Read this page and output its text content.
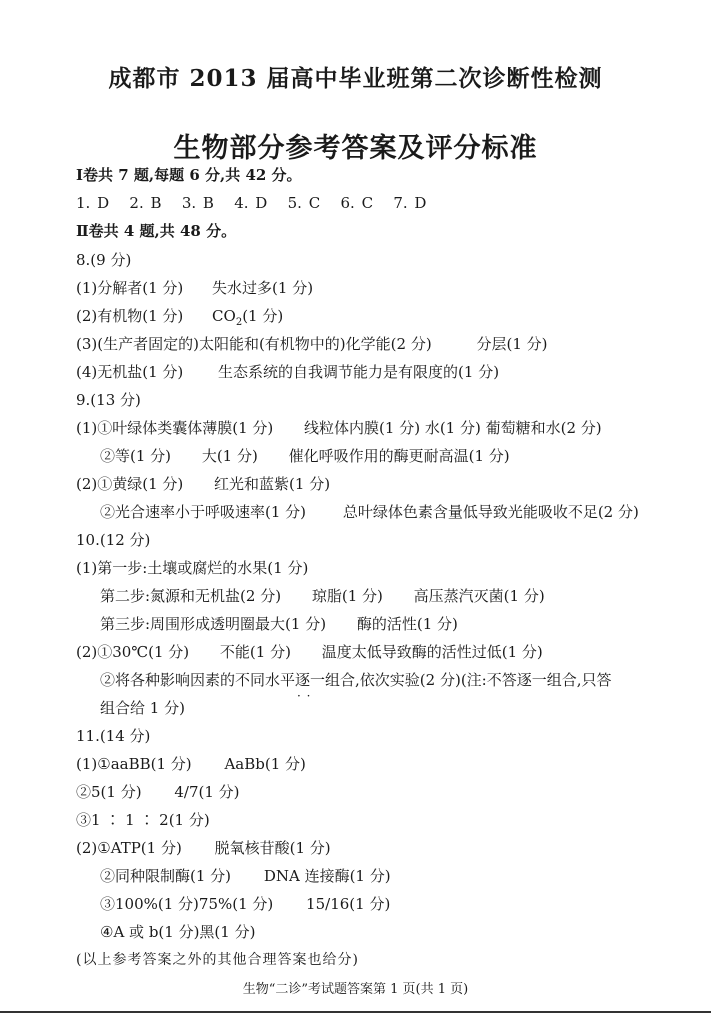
成都市 2013 届高中毕业班第二次诊断性检测
生物部分参考答案及评分标准
Ⅰ卷共 7 题,每题 6 分,共 42 分。
1. D   2. B   3. B   4. D   5. C   6. C   7. D
Ⅱ卷共 4 题,共 48 分。
8.(9 分)
(1)分解者(1 分) 失水过多(1 分)
(2)有机物(1 分) $CO_2(1$ 分)
(3)(生产者固定的)太阳能和(有机物中的)化学能(2 分)	分层(1 分)
(4)无机盐(1 分) 生态系统的自我调节能力是有限度的(1 分)
9.(13 分)
(1)①叶绿体类囊体薄膜(1 分) 线粒体内膜(1 分) 水(1 分) 葡萄糖和水(2 分)
②等(1 分) 大(1 分) 催化呼吸作用的酶更耐高温(1 分)
(2)①黄绿(1 分) 红光和蓝紫(1 分)
②光合速率小于呼吸速率(1 分) 总叶绿体色素含量低导致光能吸收不足(2 分)
10.(12 分)
(1)第一步:土壤或腐烂的水果(1 分)
第二步:氮源和无机盐(2 分) 琼脂(1 分) 高压蒸汽灭菌(1 分)
第三步:周围形成透明圈最大(1 分) 酶的活性(1 分)
(2)①30℃(1 分) 不能(1 分) 温度太低导致酶的活性过低(1 分)
②将各种影响因素的不同水平逐一 · ·组合,依次实验(2 分)(注:不答逐一组合,只答
组合给 1 分)
11.(14 分)
(1)①aaBB(1 分) AaBb(1 分)
②5(1 分) 4/7(1 分)
③1 ∶ 1 ∶ 2(1 分)
(2)①ATP(1 分) 脱氧核苷酸(1 分)
②同种限制酶(1 分) DNA 连接酶(1 分)
③100%(1 分)75%(1 分) 15/16(1 分)
④A 或 b(1 分)黑(1 分)
(以上参考答案之外的其他合理答案也给分)
生物“二诊”考试题答案第 1 页(共 1 页)
